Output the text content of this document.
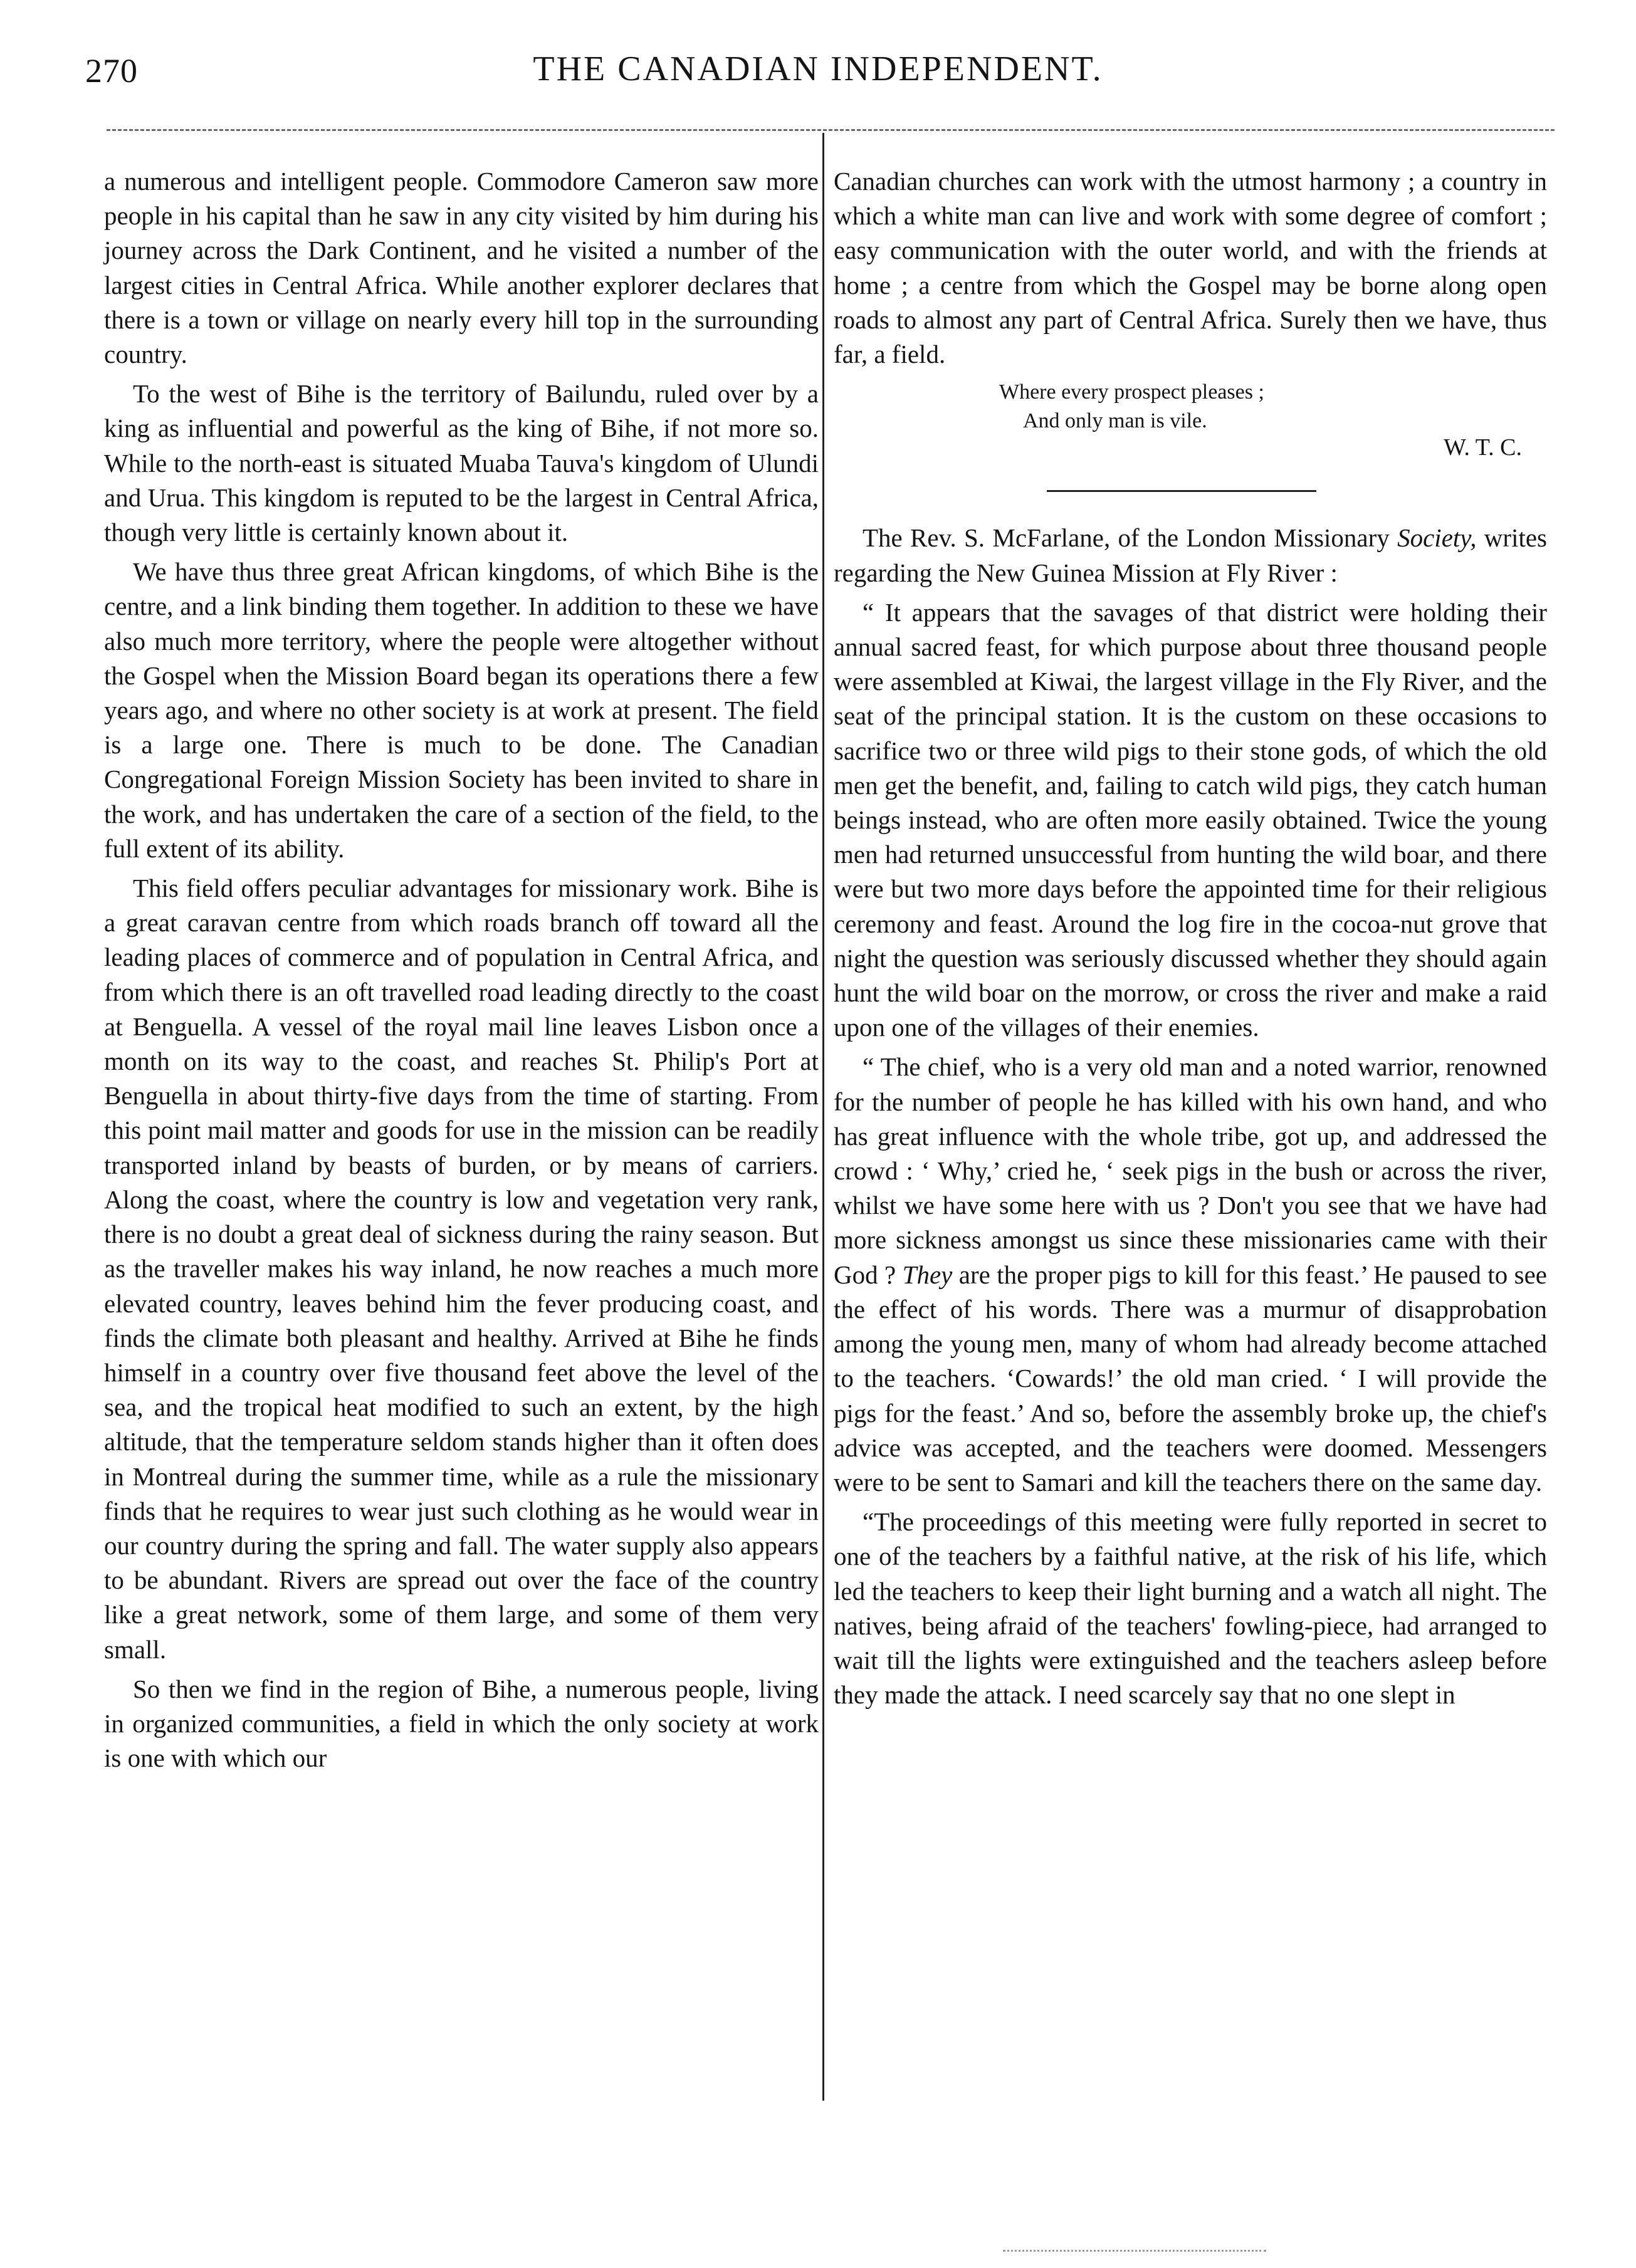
270	THE CANADIAN INDEPENDENT.

a numerous and intelligent people. Commodore Cameron saw more people in his capital than he saw in any city visited by him during his journey across the Dark Continent, and he visited a number of the largest cities in Central Africa. While another explorer declares that there is a town or village on nearly every hill top in the surrounding country.

To the west of Bihe is the territory of Bailundu, ruled over by a king as influential and powerful as the king of Bihe, if not more so. While to the north-east is situated Muaba Tauva's kingdom of Ulundi and Urua. This kingdom is reputed to be the largest in Central Africa, though very little is certainly known about it.

We have thus three great African kingdoms, of which Bihe is the centre, and a link binding them together. In addition to these we have also much more territory, where the people were altogether without the Gospel when the Mission Board began its operations there a few years ago, and where no other society is at work at present. The field is a large one. There is much to be done. The Canadian Congregational Foreign Mission Society has been invited to share in the work, and has undertaken the care of a section of the field, to the full extent of its ability.

This field offers peculiar advantages for missionary work. Bihe is a great caravan centre from which roads branch off toward all the leading places of commerce and of population in Central Africa, and from which there is an oft travelled road leading directly to the coast at Benguella. A vessel of the royal mail line leaves Lisbon once a month on its way to the coast, and reaches St. Philip's Port at Benguella in about thirty-five days from the time of starting. From this point mail matter and goods for use in the mission can be readily transported inland by beasts of burden, or by means of carriers. Along the coast, where the country is low and vegetation very rank, there is no doubt a great deal of sickness during the rainy season. But as the traveller makes his way inland, he now reaches a much more elevated country, leaves behind him the fever producing coast, and finds the climate both pleasant and healthy. Arrived at Bihe he finds himself in a country over five thousand feet above the level of the sea, and the tropical heat modified to such an extent, by the high altitude, that the temperature seldom stands higher than it often does in Montreal during the summer time, while as a rule the missionary finds that he requires to wear just such clothing as he would wear in our country during the spring and fall. The water supply also appears to be abundant. Rivers are spread out over the face of the country like a great network, some of them large, and some of them very small.

So then we find in the region of Bihe, a numerous people, living in organized communities, a field in which the only society at work is one with which our

Canadian churches can work with the utmost harmony ; a country in which a white man can live and work with some degree of comfort ; easy communication with the outer world, and with the friends at home ; a centre from which the Gospel may be borne along open roads to almost any part of Central Africa. Surely then we have, thus far, a field.

Where every prospect pleases ;
And only man is vile.
W. T. C.

The Rev. S. McFarlane, of the London Missionary Society, writes regarding the New Guinea Mission at Fly River :

“ It appears that the savages of that district were holding their annual sacred feast, for which purpose about three thousand people were assembled at Kiwai, the largest village in the Fly River, and the seat of the principal station. It is the custom on these occasions to sacrifice two or three wild pigs to their stone gods, of which the old men get the benefit, and, failing to catch wild pigs, they catch human beings instead, who are often more easily obtained. Twice the young men had returned unsuccessful from hunting the wild boar, and there were but two more days before the appointed time for their religious ceremony and feast. Around the log fire in the cocoa-nut grove that night the question was seriously discussed whether they should again hunt the wild boar on the morrow, or cross the river and make a raid upon one of the villages of their enemies.

“ The chief, who is a very old man and a noted warrior, renowned for the number of people he has killed with his own hand, and who has great influence with the whole tribe, got up, and addressed the crowd : ‘ Why,’ cried he, ‘ seek pigs in the bush or across the river, whilst we have some here with us ? Don't you see that we have had more sickness amongst us since these missionaries came with their God ? They are the proper pigs to kill for this feast.’ He paused to see the effect of his words. There was a murmur of disapprobation among the young men, many of whom had already become attached to the teachers. ‘Cowards!’ the old man cried. ‘ I will provide the pigs for the feast.’ And so, before the assembly broke up, the chief's advice was accepted, and the teachers were doomed. Messengers were to be sent to Samari and kill the teachers there on the same day.

“The proceedings of this meeting were fully reported in secret to one of the teachers by a faithful native, at the risk of his life, which led the teachers to keep their light burning and a watch all night. The natives, being afraid of the teachers' fowling-piece, had arranged to wait till the lights were extinguished and the teachers asleep before they made the attack. I need scarcely say that no one slept in
